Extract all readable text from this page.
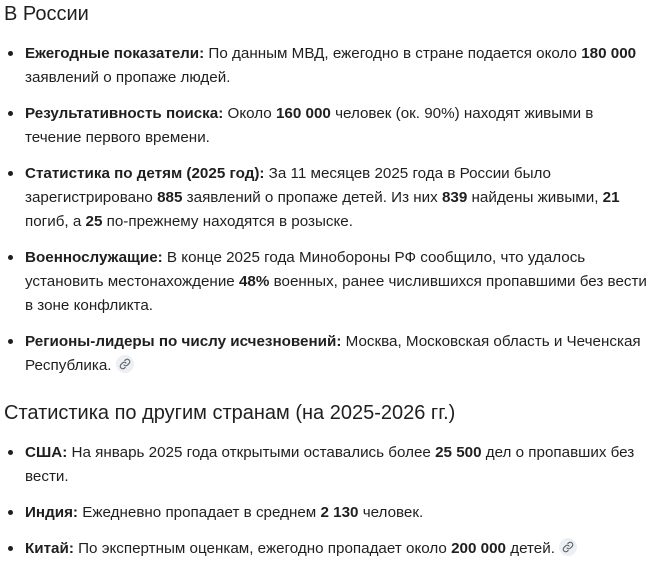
В России
Ежегодные показатели: По данным МВД, ежегодно в стране подается около 180 000 заявлений о пропаже людей.
Результативность поиска: Около 160 000 человек (ок. 90%) находят живыми в течение первого времени.
Статистика по детям (2025 год): За 11 месяцев 2025 года в России было зарегистрировано 885 заявлений о пропаже детей. Из них 839 найдены живыми, 21 погиб, а 25 по-прежнему находятся в розыске.
Военнослужащие: В конце 2025 года Минобороны РФ сообщило, что удалось установить местонахождение 48% военных, ранее числившихся пропавшими без вести в зоне конфликта.
Регионы-лидеры по числу исчезновений: Москва, Московская область и Чеченская Республика.
Статистика по другим странам (на 2025-2026 гг.)
США: На январь 2025 года открытыми оставались более 25 500 дел о пропавших без вести.
Индия: Ежедневно пропадает в среднем 2 130 человек.
Китай: По экспертным оценкам, ежегодно пропадает около 200 000 детей.
